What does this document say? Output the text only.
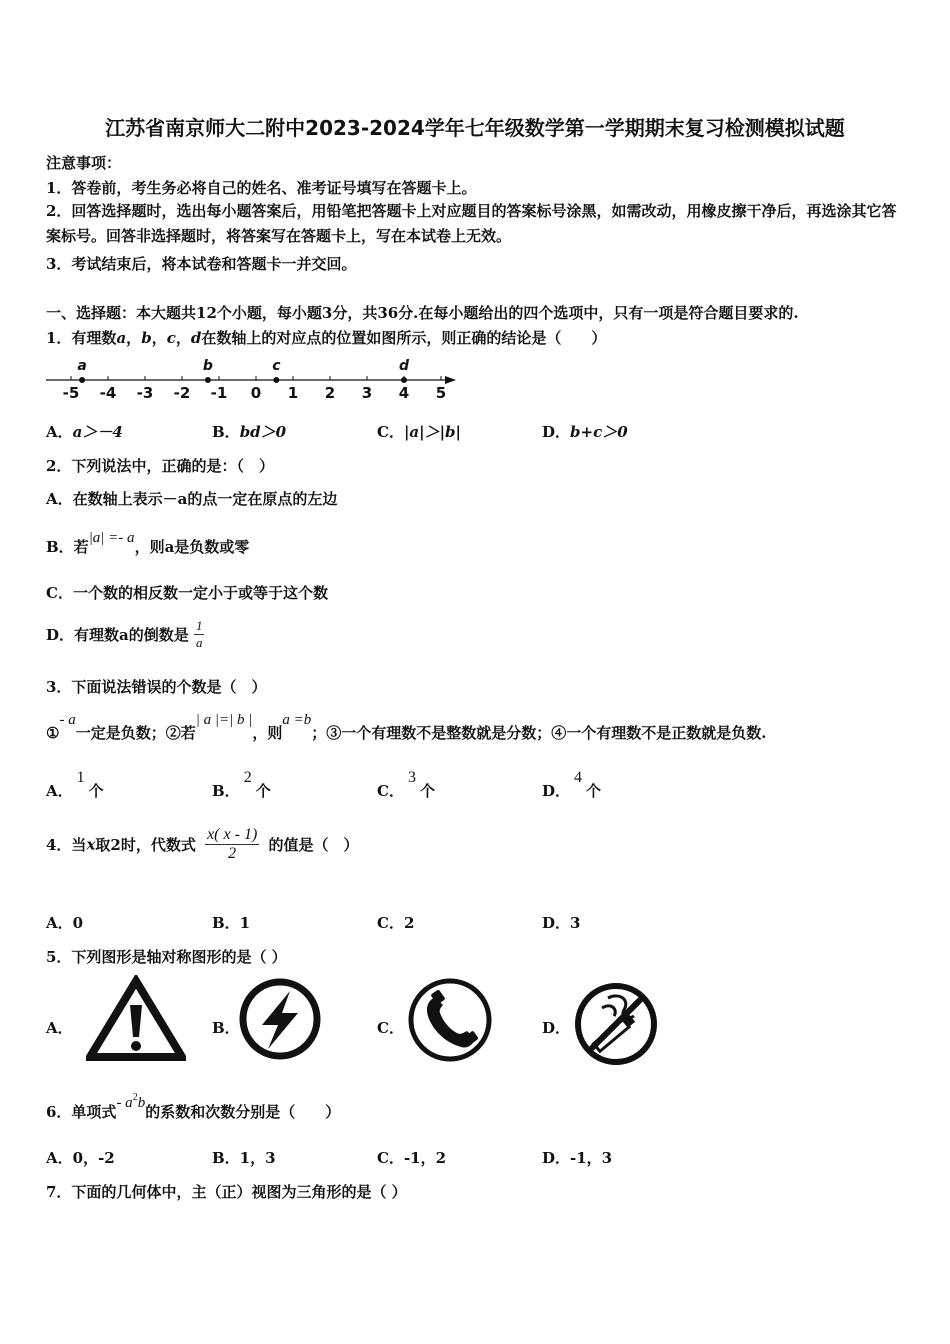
江苏省南京师大二附中2023-2024学年七年级数学第一学期期末复习检测模拟试题
注意事项：
1．答卷前，考生务必将自己的姓名、准考证号填写在答题卡上。
2．回答选择题时，选出每小题答案后，用铅笔把答题卡上对应题目的答案标号涂黑，如需改动，用橡皮擦干净后，再选涂其它答案标号。回答非选择题时，将答案写在答题卡上，写在本试卷上无效。
3．考试结束后，将本试卷和答题卡一并交回。
一、选择题：本大题共12个小题，每小题3分，共36分.在每小题给出的四个选项中，只有一项是符合题目要求的.
1．有理数a，b，c，d在数轴上的对应点的位置如图所示，则正确的结论是（　　）
-5 -4 -3 -2 -1 0 1 2 3 4 5
a	b	c	d
A．a＞－4	B．bd＞0	C．|a|＞|b|	D．b+c＞0
2．下列说法中，正确的是：（　）
A．在数轴上表示－a的点一定在原点的左边
B．若|a| =- a，则a是负数或零
C．一个数的相反数一定小于或等于这个数
D．有理数a的倒数是 $\frac{1}{a}$
3．下面说法错误的个数是（　）
①- a一定是负数；②若| a |=| b |，则a =b；③一个有理数不是整数就是分数；④一个有理数不是正数就是负数.
A．1个	B．2个	C．3个	D．4个
4．当x取2时，代数式 $\frac{x( x - 1)}{2}$ 的值是（　）
A．0	B．1	C．2	D．3
5．下列图形是轴对称图形的是（ ）
A．	B．	C．	D．
6．单项式- $a^2b$的系数和次数分别是（　　）
A．0，-2	B．1，3	C．-1，2	D．-1，3
7．下面的几何体中，主（正）视图为三角形的是（ ）
